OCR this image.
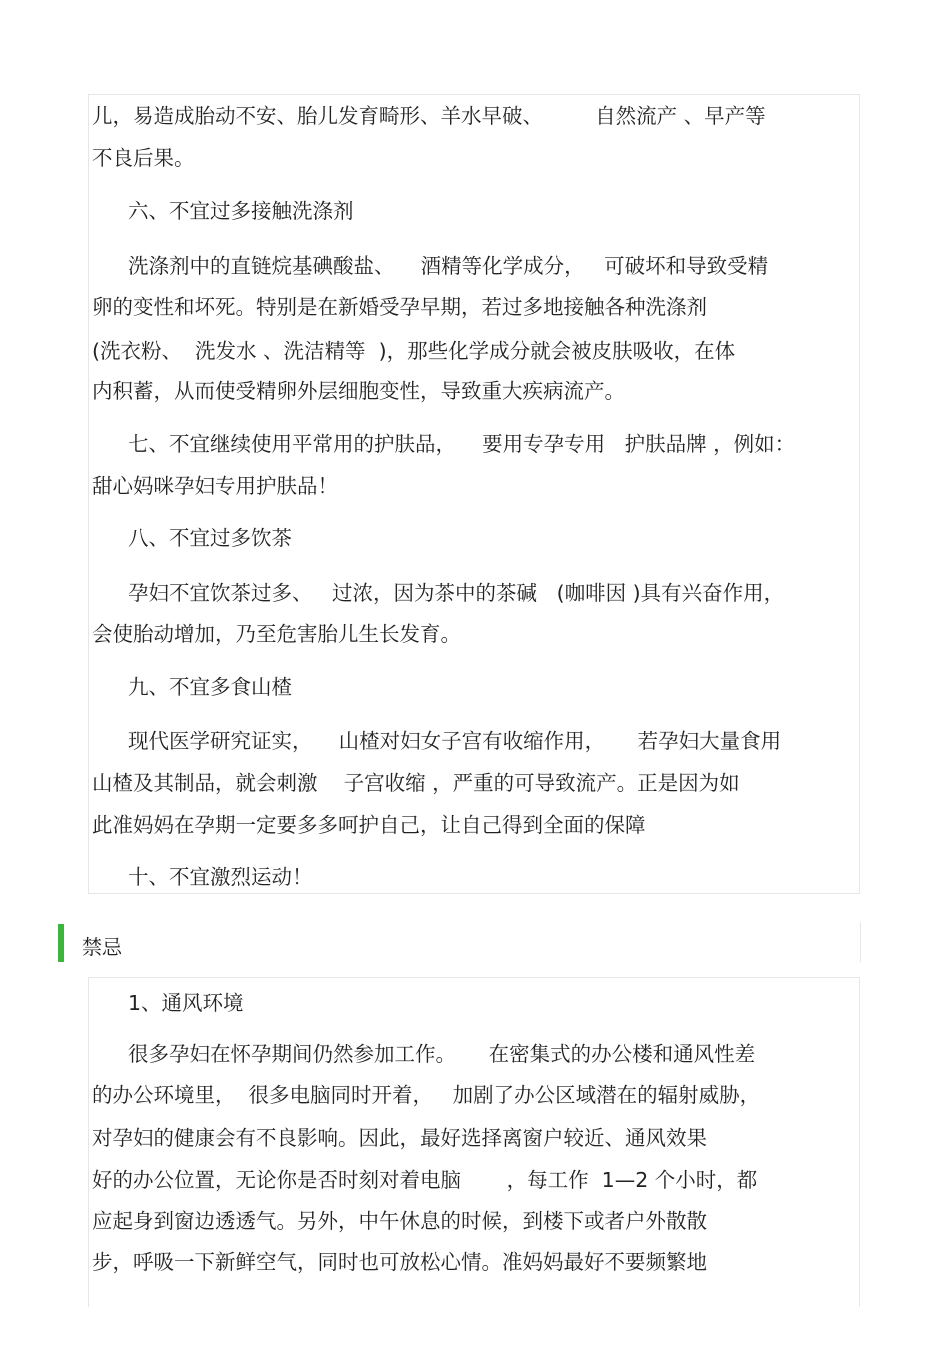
儿，易造成胎动不安、胎儿发育畸形、羊水早破、        自然流产 、早产等
不良后果。
六、不宜过多接触洗涤剂
洗涤剂中的直链烷基碘酸盐、    酒精等化学成分，   可破坏和导致受精
卵的变性和坏死。特别是在新婚受孕早期，若过多地接触各种洗涤剂
(洗衣粉、  洗发水 、洗洁精等  )，那些化学成分就会被皮肤吸收，在体
内积蓄，从而使受精卵外层细胞变性，导致重大疾病流产。
七、不宜继续使用平常用的护肤品，    要用专孕专用   护肤品牌 ，例如：
甜心妈咪孕妇专用护肤品！
八、不宜过多饮茶
孕妇不宜饮茶过多、   过浓，因为茶中的茶碱   (咖啡因 )具有兴奋作用，
会使胎动增加，乃至危害胎儿生长发育。
九、不宜多食山楂
现代医学研究证实，    山楂对妇女子宫有收缩作用，     若孕妇大量食用
山楂及其制品，就会刺激    子宫收缩 ，严重的可导致流产。正是因为如
此准妈妈在孕期一定要多多呵护自己，让自己得到全面的保障
十、不宜激烈运动！
禁忌
1、通风环境
很多孕妇在怀孕期间仍然参加工作。     在密集式的办公楼和通风性差
的办公环境里，  很多电脑同时开着，   加剧了办公区域潜在的辐射威胁，
对孕妇的健康会有不良影响。因此，最好选择离窗户较近、通风效果
好的办公位置，无论你是否时刻对着电脑       ，每工作  1—2 个小时，都
应起身到窗边透透气。另外，中午休息的时候，到楼下或者户外散散
步，呼吸一下新鲜空气，同时也可放松心情。准妈妈最好不要频繁地
